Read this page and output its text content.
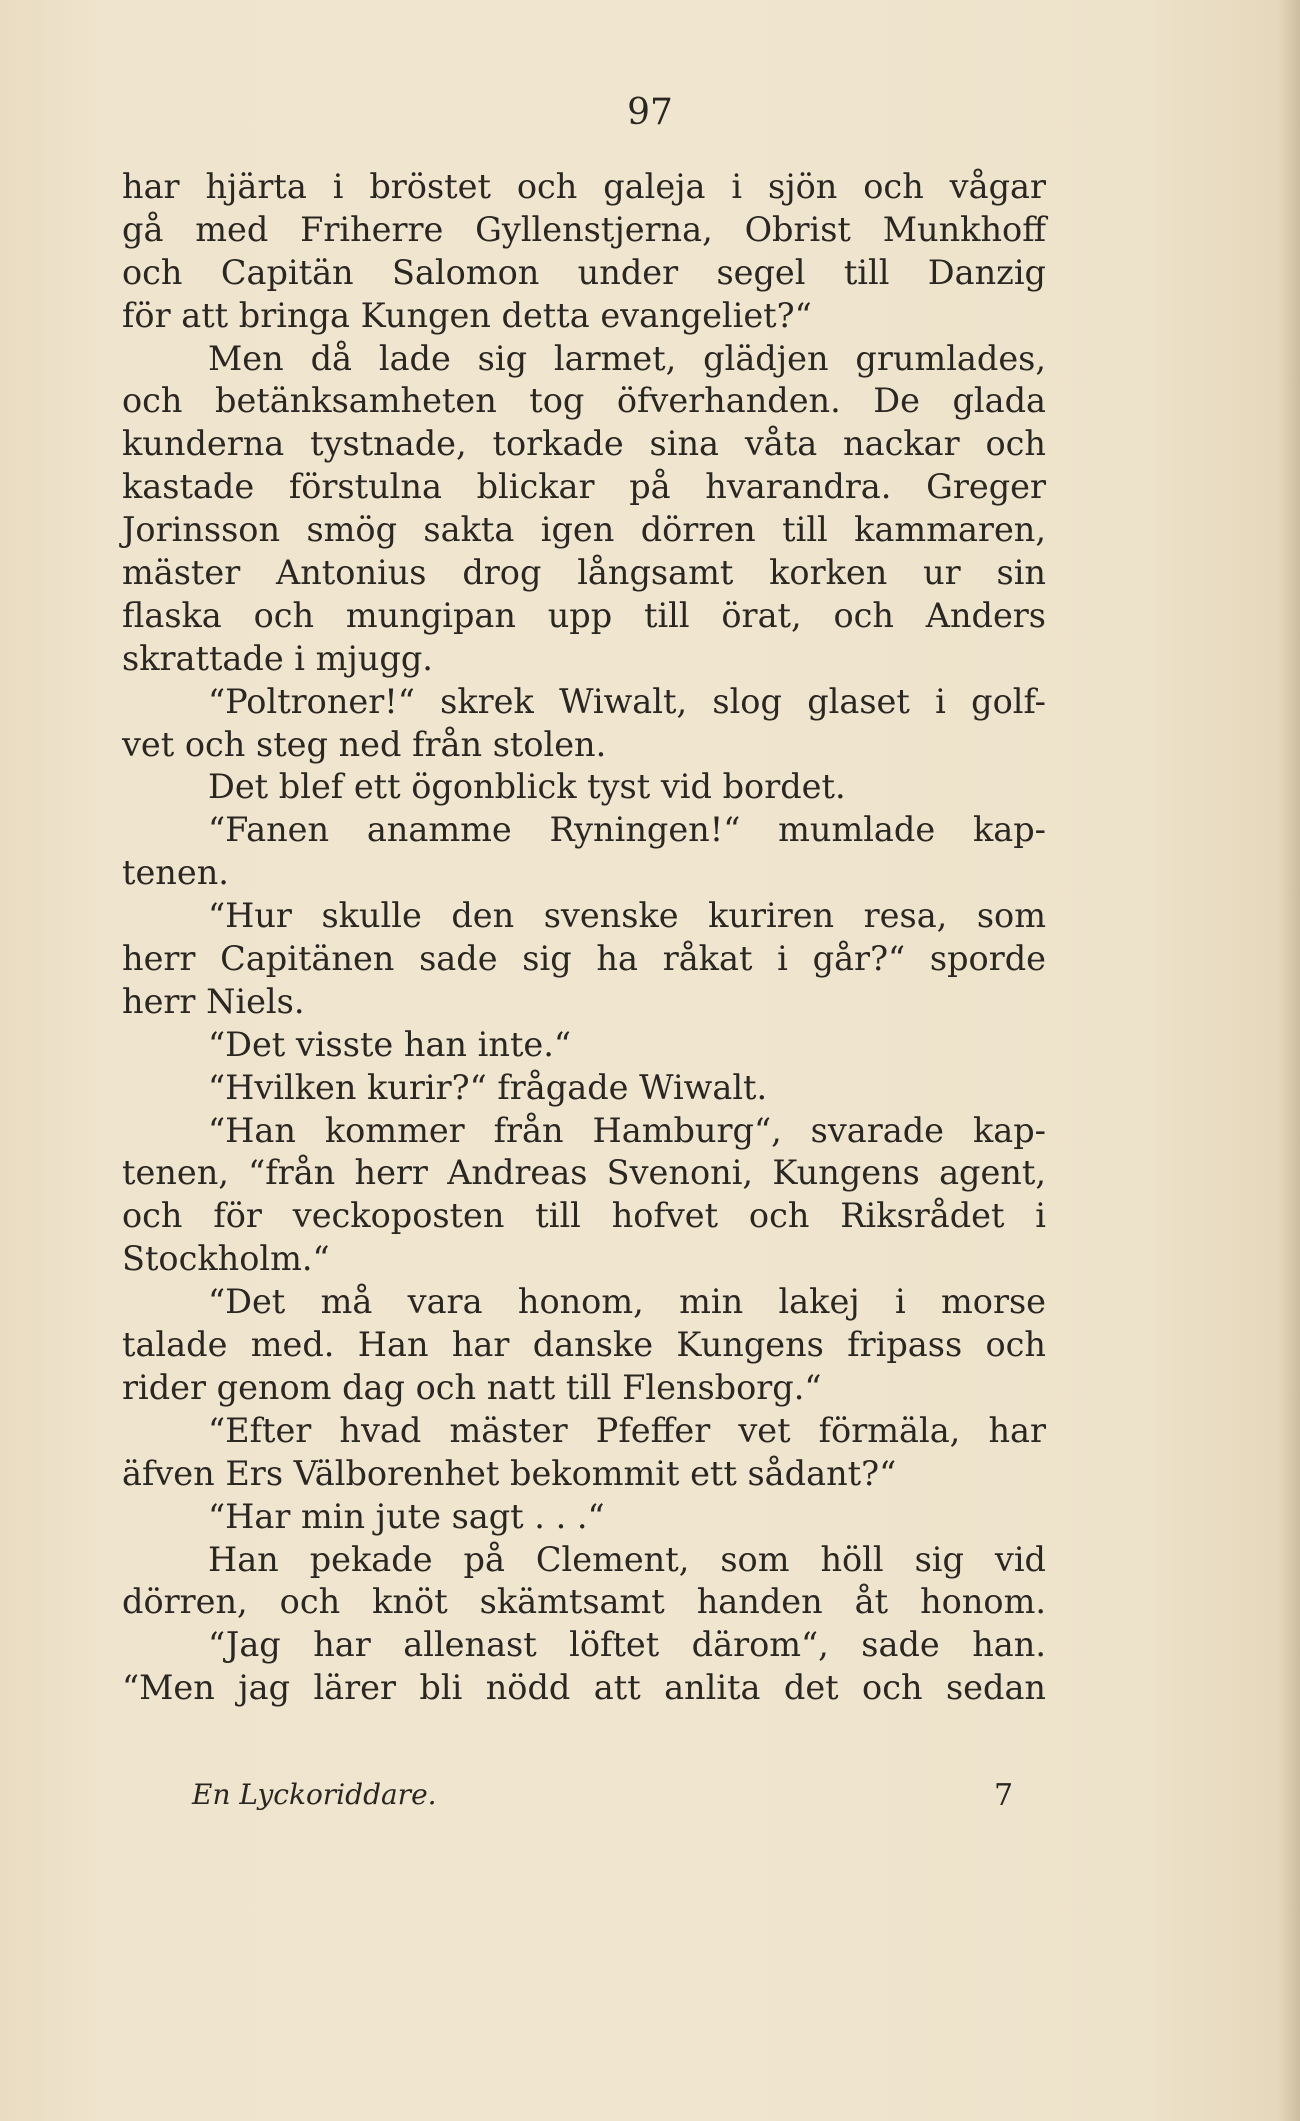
97
har hjärta i bröstet och galeja i sjön och vågar
gå med Friherre Gyllenstjerna, Obrist Munkhoff
och Capitän Salomon under segel till Danzig
för att bringa Kungen detta evangeliet?“
Men då lade sig larmet, glädjen grumlades,
och betänksamheten tog öfverhanden. De glada
kunderna tystnade, torkade sina våta nackar och
kastade förstulna blickar på hvarandra. Greger
Jorinsson smög sakta igen dörren till kammaren,
mäster Antonius drog långsamt korken ur sin
flaska och mungipan upp till örat, och Anders
skrattade i mjugg.
“Poltroner!“ skrek Wiwalt, slog glaset i golf-
vet och steg ned från stolen.
Det blef ett ögonblick tyst vid bordet.
“Fanen anamme Ryningen!“ mumlade kap-
tenen.
“Hur skulle den svenske kuriren resa, som
herr Capitänen sade sig ha råkat i går?“ sporde
herr Niels.
“Det visste han inte.“
“Hvilken kurir?“ frågade Wiwalt.
“Han kommer från Hamburg“, svarade kap-
tenen, “från herr Andreas Svenoni, Kungens agent,
och för veckoposten till hofvet och Riksrådet i
Stockholm.“
“Det må vara honom, min lakej i morse
talade med. Han har danske Kungens fripass och
rider genom dag och natt till Flensborg.“
“Efter hvad mäster Pfeffer vet förmäla, har
äfven Ers Välborenhet bekommit ett sådant?“
“Har min jute sagt . . .“
Han pekade på Clement, som höll sig vid
dörren, och knöt skämtsamt handen åt honom.
“Jag har allenast löftet därom“, sade han.
“Men jag lärer bli nödd att anlita det och sedan
En Lyckoriddare.	7
